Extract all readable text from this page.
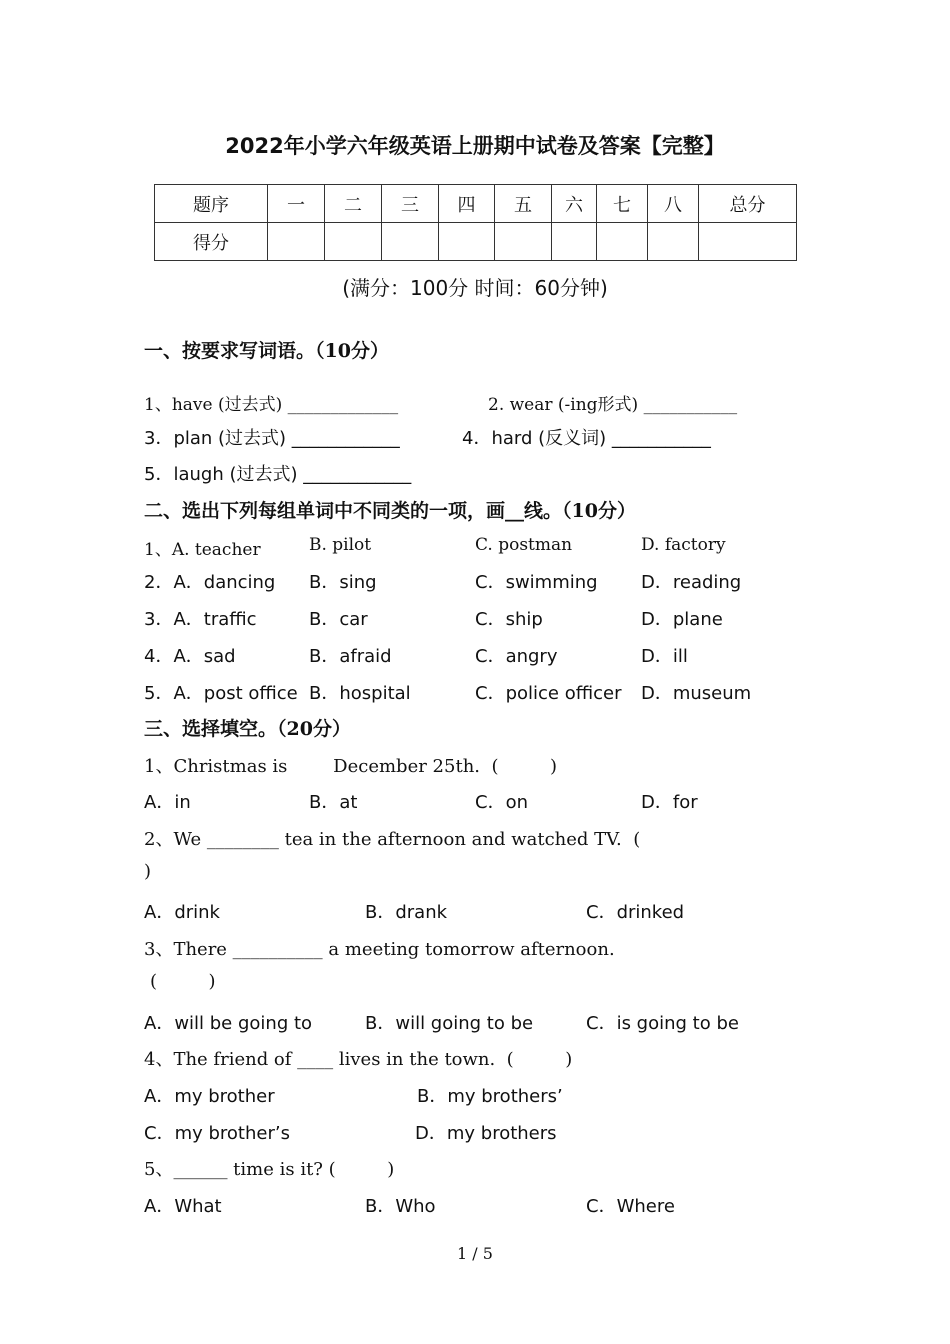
2022年小学六年级英语上册期中试卷及答案【完整】
题序	一	二	三	四	五	六	七	八	总分
得分									
(满分：100分 时间：60分钟)
一、按要求写词语。（10分）
1、have (过去式) _____________	2. wear (-ing形式) ___________
3．plan (过去式) ____________	4．hard (反义词) ___________
5．laugh (过去式) ____________
二、选出下列每组单词中不同类的一项，画__线。（10分）
1、A. teacher	B. pilot	C. postman	D. factory
2．A．dancing B．sing	C．swimming D．reading
3．A．traffic	B．car	C．ship	D．plane
4．A．sad	B．afraid	C．angry	D．ill
5．A．post office B．hospital	C．police officer D．museum
三、选择填空。（20分）
1、Christmas is        December 25th.  (         )
A．in	B．at	C．on	D．for
2、We ________ tea in the afternoon and watched TV.  (
)
A．drink	B．drank	C．drinked
3、There __________ a meeting tomorrow afternoon.
(         )
A．will be going to	B．will going to be	C．is going to be
4、The friend of ____ lives in the town.  (         )
A．my brother	B．my brothers’
C．my brother’s	D．my brothers
5、______ time is it? (         )
A．What	B．Who	C．Where
1 / 5
